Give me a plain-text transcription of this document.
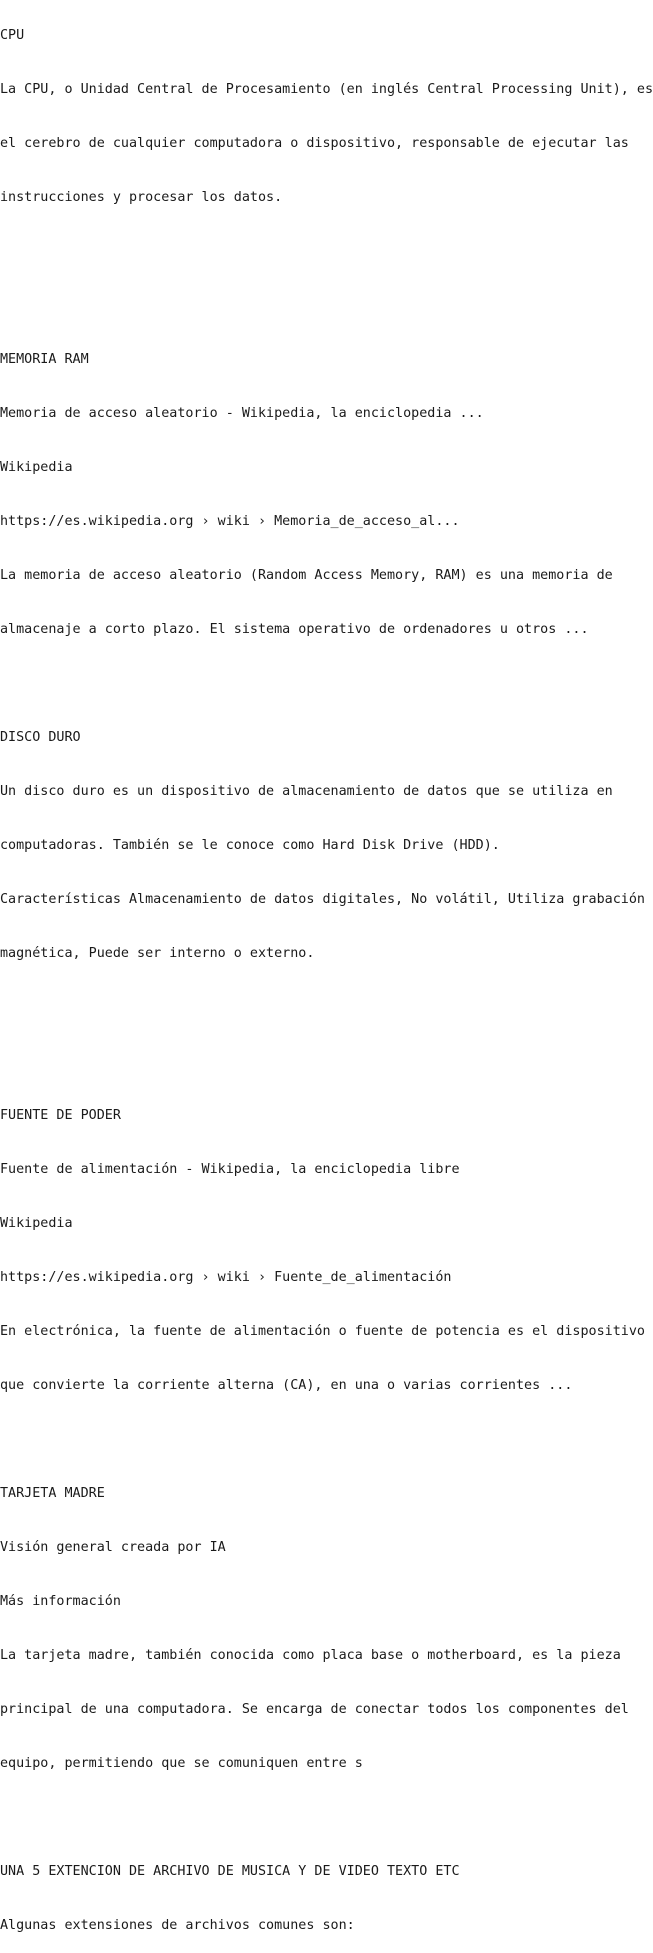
CPU

La CPU, o Unidad Central de Procesamiento (en inglés Central Processing Unit), es

el cerebro de cualquier computadora o dispositivo, responsable de ejecutar las

instrucciones y procesar los datos.

MEMORIA RAM

Memoria de acceso aleatorio - Wikipedia, la enciclopedia ...

Wikipedia

https://es.wikipedia.org › wiki › Memoria_de_acceso_al...

La memoria de acceso aleatorio (Random Access Memory, RAM) es una memoria de

almacenaje a corto plazo. El sistema operativo de ordenadores u otros ...

DISCO DURO

Un disco duro es un dispositivo de almacenamiento de datos que se utiliza en

computadoras. También se le conoce como Hard Disk Drive (HDD).

Características Almacenamiento de datos digitales, No volátil, Utiliza grabación

magnética, Puede ser interno o externo.

FUENTE DE PODER

Fuente de alimentación - Wikipedia, la enciclopedia libre

Wikipedia

https://es.wikipedia.org › wiki › Fuente_de_alimentación

En electrónica, la fuente de alimentación o fuente de potencia es el dispositivo

que convierte la corriente alterna (CA), en una o varias corrientes ...

TARJETA MADRE

Visión general creada por IA

Más información

La tarjeta madre, también conocida como placa base o motherboard, es la pieza

principal de una computadora. Se encarga de conectar todos los componentes del

equipo, permitiendo que se comuniquen entre s

UNA 5 EXTENCION DE ARCHIVO DE MUSICA Y DE VIDEO TEXTO ETC

Algunas extensiones de archivos comunes son:
